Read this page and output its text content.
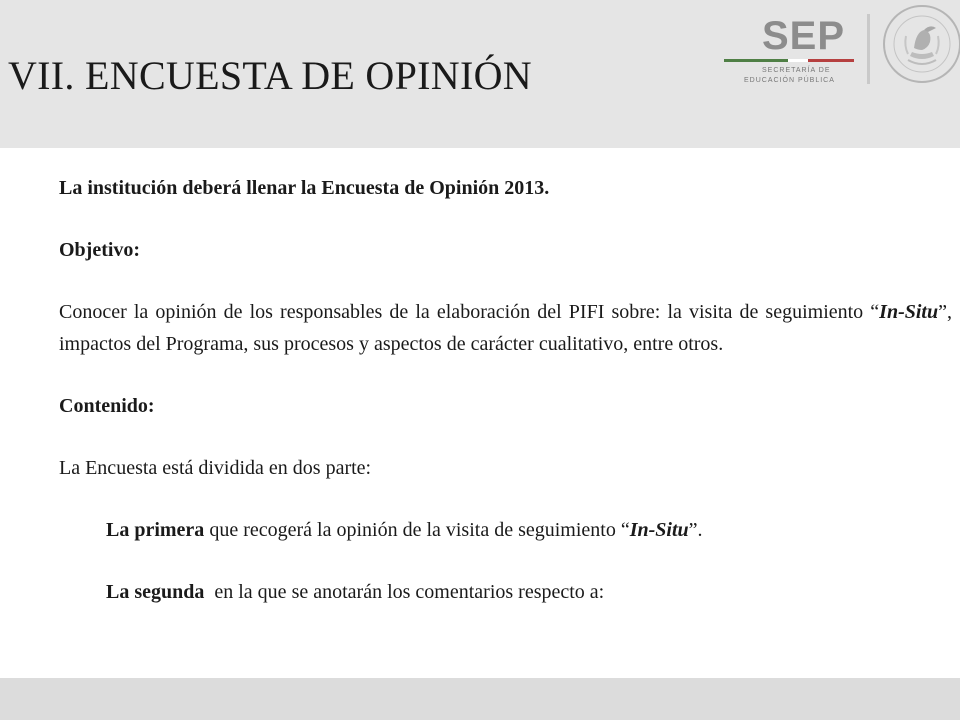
VII. ENCUESTA DE OPINIÓN
SEP
SECRETARÍA DE
EDUCACIÓN PÚBLICA

La institución deberá llenar la Encuesta de Opinión 2013.

Objetivo:

Conocer la opinión de los responsables de la elaboración del PIFI sobre: la visita de seguimiento “In-Situ”, impactos del Programa, sus procesos y aspectos de carácter cualitativo, entre otros.

Contenido:

La Encuesta está dividida en dos parte:

La primera que recogerá la opinión de la visita de seguimiento “In-Situ”.

La segunda  en la que se anotarán los comentarios respecto a:
